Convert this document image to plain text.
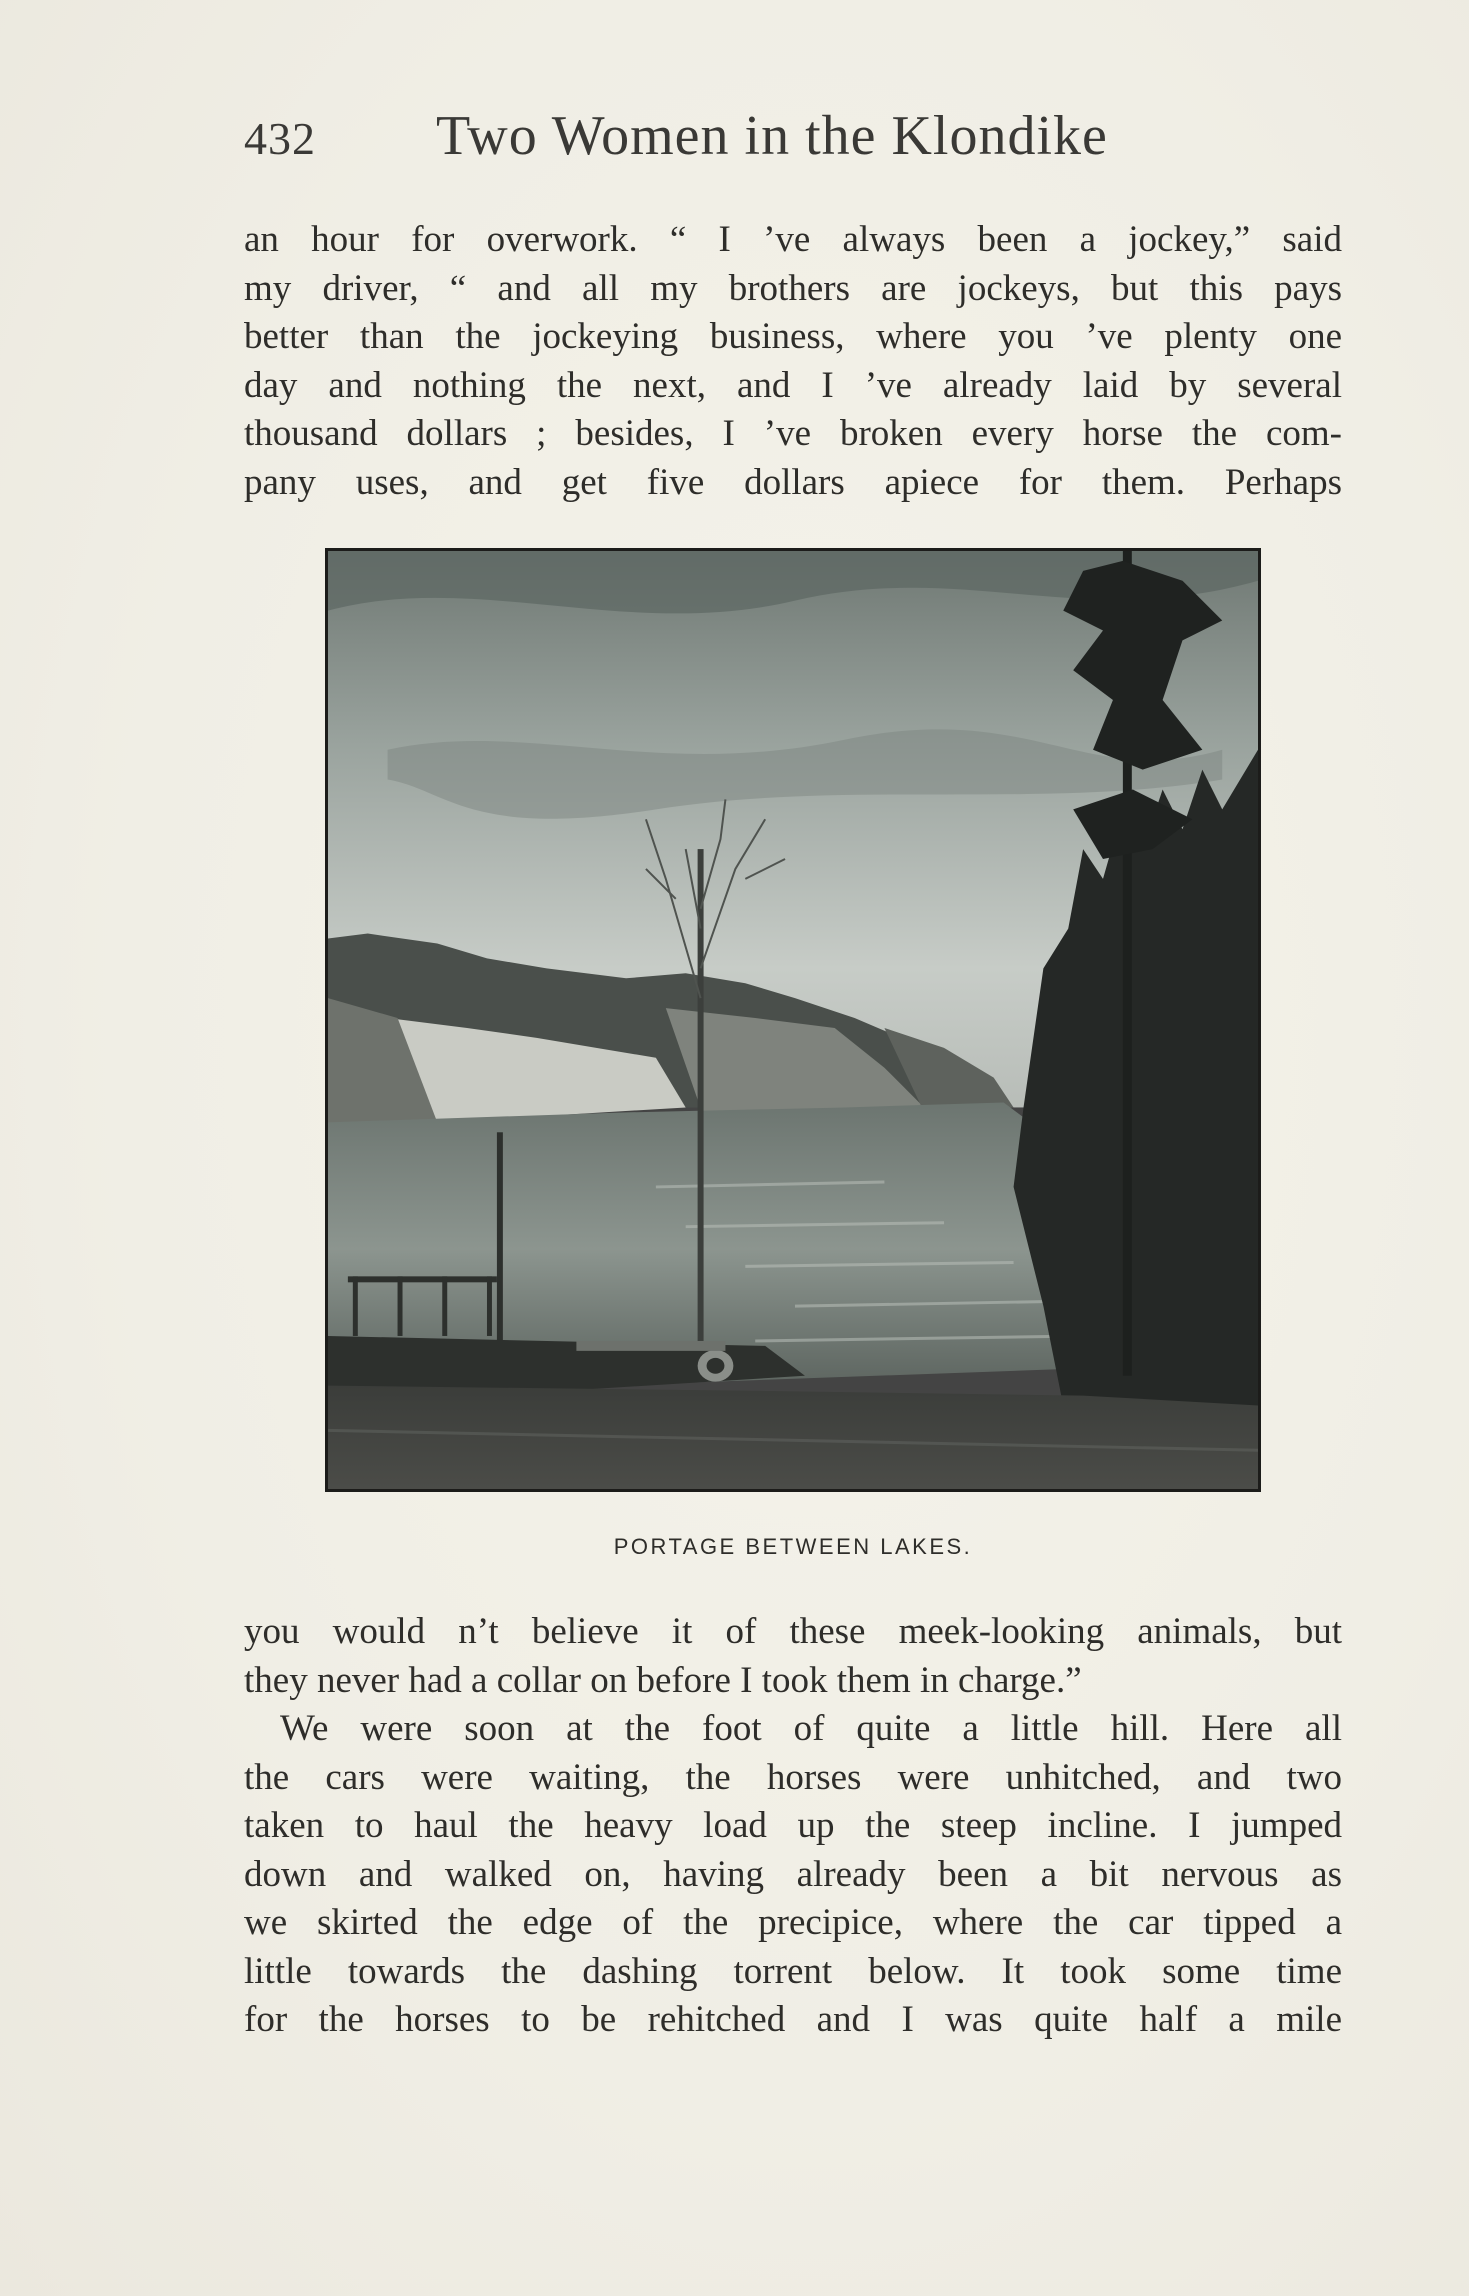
432 Two Women in the Klondike
an hour for overwork. “ I ’ve always been a jockey,” said
my driver, “ and all my brothers are jockeys, but this pays
better than the jockeying business, where you ’ve plenty one
day and nothing the next, and I ’ve already laid by several
thousand dollars ; besides, I ’ve broken every horse the com-
pany uses, and get five dollars apiece for them. Perhaps
PORTAGE BETWEEN LAKES.
you would n’t believe it of these meek-looking animals, but
they never had a collar on before I took them in charge.”
We were soon at the foot of quite a little hill. Here all
the cars were waiting, the horses were unhitched, and two
taken to haul the heavy load up the steep incline. I jumped
down and walked on, having already been a bit nervous as
we skirted the edge of the precipice, where the car tipped a
little towards the dashing torrent below. It took some time
for the horses to be rehitched and I was quite half a mile
